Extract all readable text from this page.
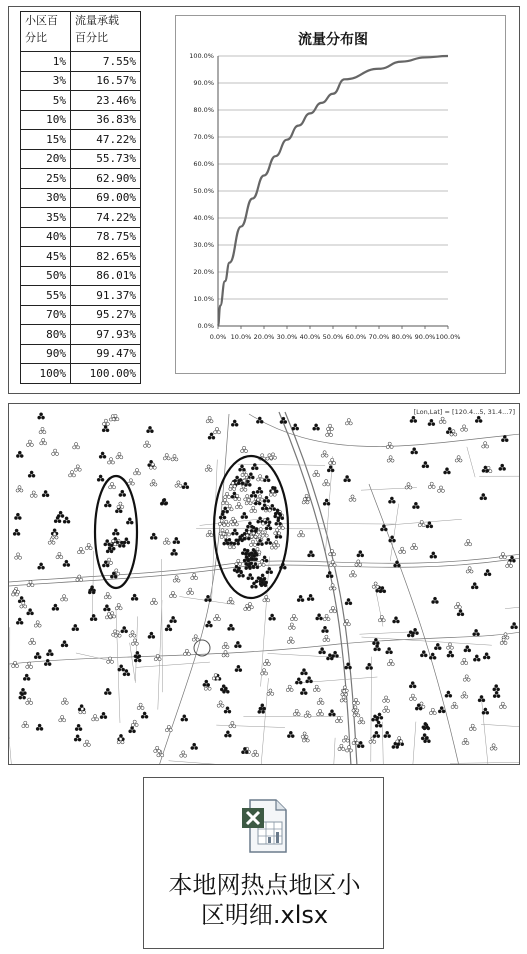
小区百
分比	流量承载
百分比
1%	7.55%
3%	16.57%
5%	23.46%
10%	36.83%
15%	47.22%
20%	55.73%
25%	62.90%
30%	69.00%
35%	74.22%
40%	78.75%
45%	82.65%
50%	86.01%
55%	91.37%
70%	95.27%
80%	97.93%
90%	99.47%
100%	100.00%
流量分布图
0.0%
10.0%
20.0%
30.0%
40.0%
50.0%
60.0%
70.0%
80.0%
90.0%
100.0%
0.0% 10.0% 20.0% 30.0% 40.0% 50.0% 60.0% 70.0% 80.0% 90.0% 100.0%
[Lon,Lat] = [120.4...5, 31.4...7]
本地网热点地区小
区明细.xlsx
